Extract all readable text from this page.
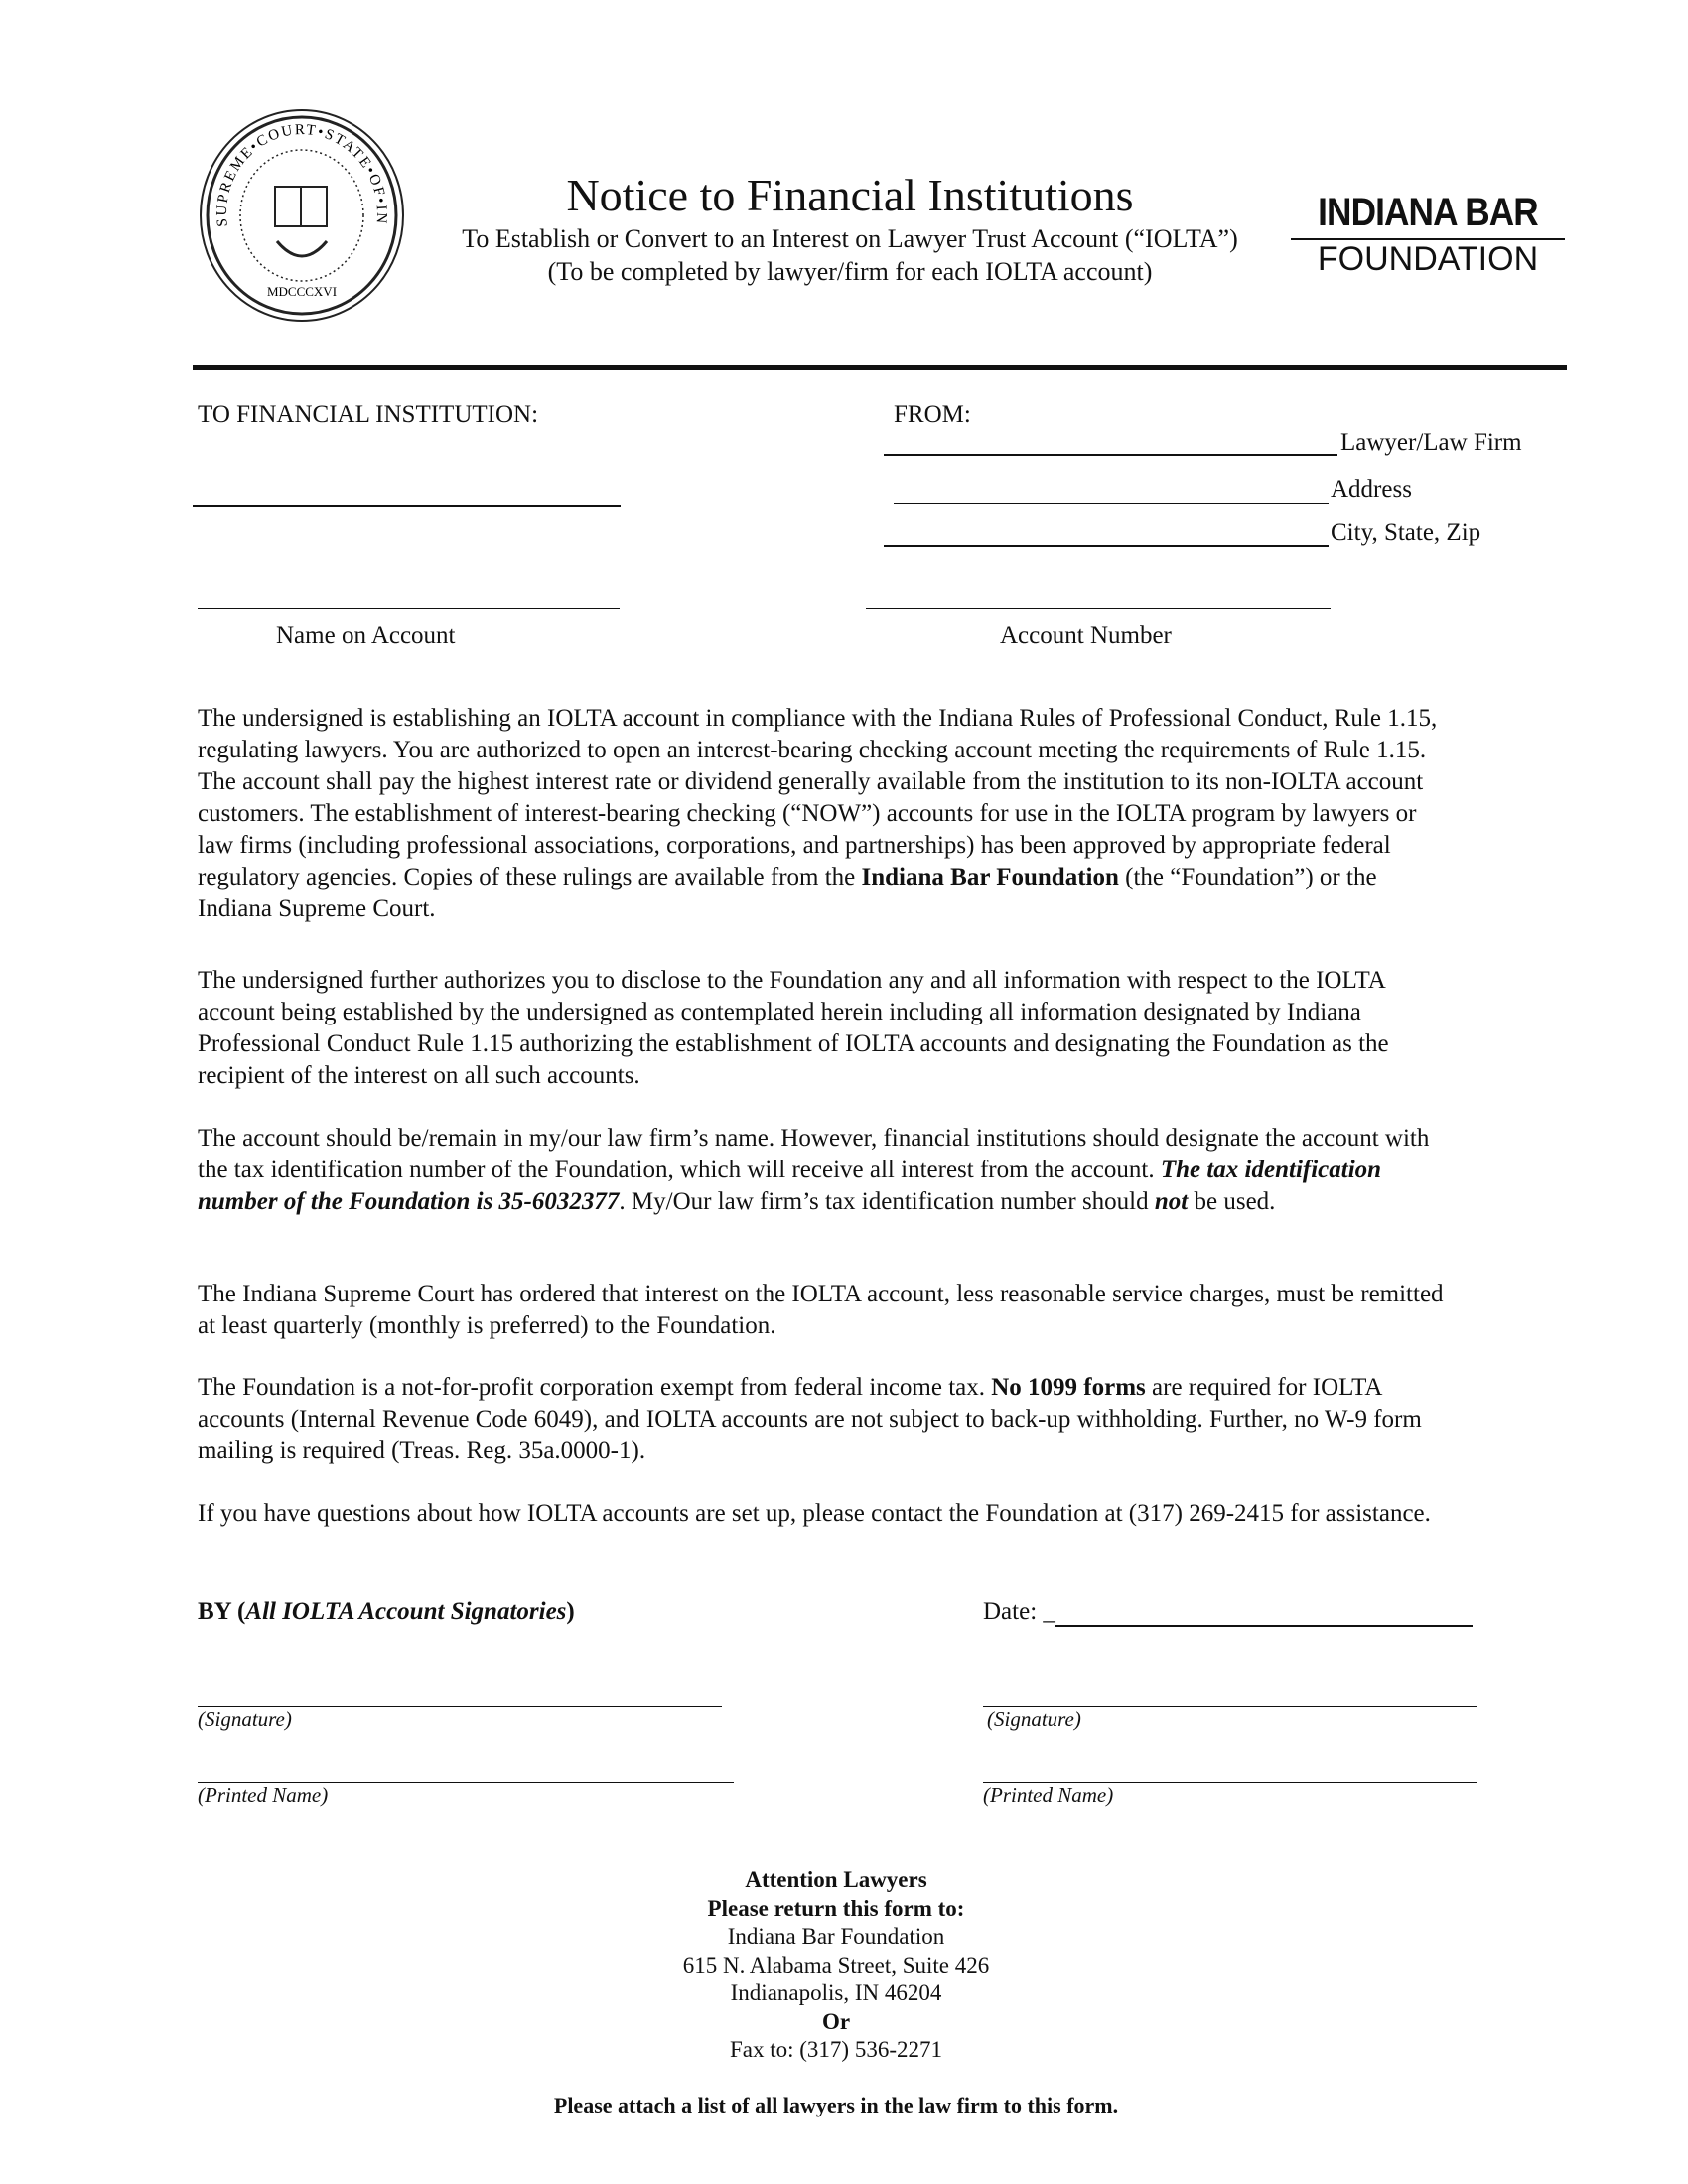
SUPREME•COURT•STATE•OF•IN
MDCCCXVI
Notice to Financial Institutions
To Establish or Convert to an Interest on Lawyer Trust Account (“IOLTA”)
(To be completed by lawyer/firm for each IOLTA account)
INDIANA BAR
FOUNDATION
TO FINANCIAL INSTITUTION:	FROM:
Lawyer/Law Firm
Address
City, State, Zip
Name on Account	Account Number

The undersigned is establishing an IOLTA account in compliance with the Indiana Rules of Professional Conduct, Rule 1.15, regulating lawyers. You are authorized to open an interest-bearing checking account meeting the requirements of Rule 1.15. The account shall pay the highest interest rate or dividend generally available from the institution to its non-IOLTA account customers. The establishment of interest-bearing checking (“NOW”) accounts for use in the IOLTA program by lawyers or law firms (including professional associations, corporations, and partnerships) has been approved by appropriate federal regulatory agencies. Copies of these rulings are available from the Indiana Bar Foundation (the “Foundation”) or the Indiana Supreme Court.

The undersigned further authorizes you to disclose to the Foundation any and all information with respect to the IOLTA account being established by the undersigned as contemplated herein including all information designated by Indiana Professional Conduct Rule 1.15 authorizing the establishment of IOLTA accounts and designating the Foundation as the recipient of the interest on all such accounts.

The account should be/remain in my/our law firm’s name. However, financial institutions should designate the account with the tax identification number of the Foundation, which will receive all interest from the account. The tax identification number of the Foundation is 35-6032377. My/Our law firm’s tax identification number should not be used.

The Indiana Supreme Court has ordered that interest on the IOLTA account, less reasonable service charges, must be remitted at least quarterly (monthly is preferred) to the Foundation.

The Foundation is a not-for-profit corporation exempt from federal income tax. No 1099 forms are required for IOLTA accounts (Internal Revenue Code 6049), and IOLTA accounts are not subject to back-up withholding. Further, no W-9 form mailing is required (Treas. Reg. 35a.0000-1).

If you have questions about how IOLTA accounts are set up, please contact the Foundation at (317) 269-2415 for assistance.

BY (All IOLTA Account Signatories)	Date: _
(Signature)	(Signature)
(Printed Name)	(Printed Name)
Attention Lawyers
Please return this form to:
Indiana Bar Foundation
615 N. Alabama Street, Suite 426
Indianapolis, IN 46204
Or
Fax to: (317) 536-2271
Please attach a list of all lawyers in the law firm to this form.
